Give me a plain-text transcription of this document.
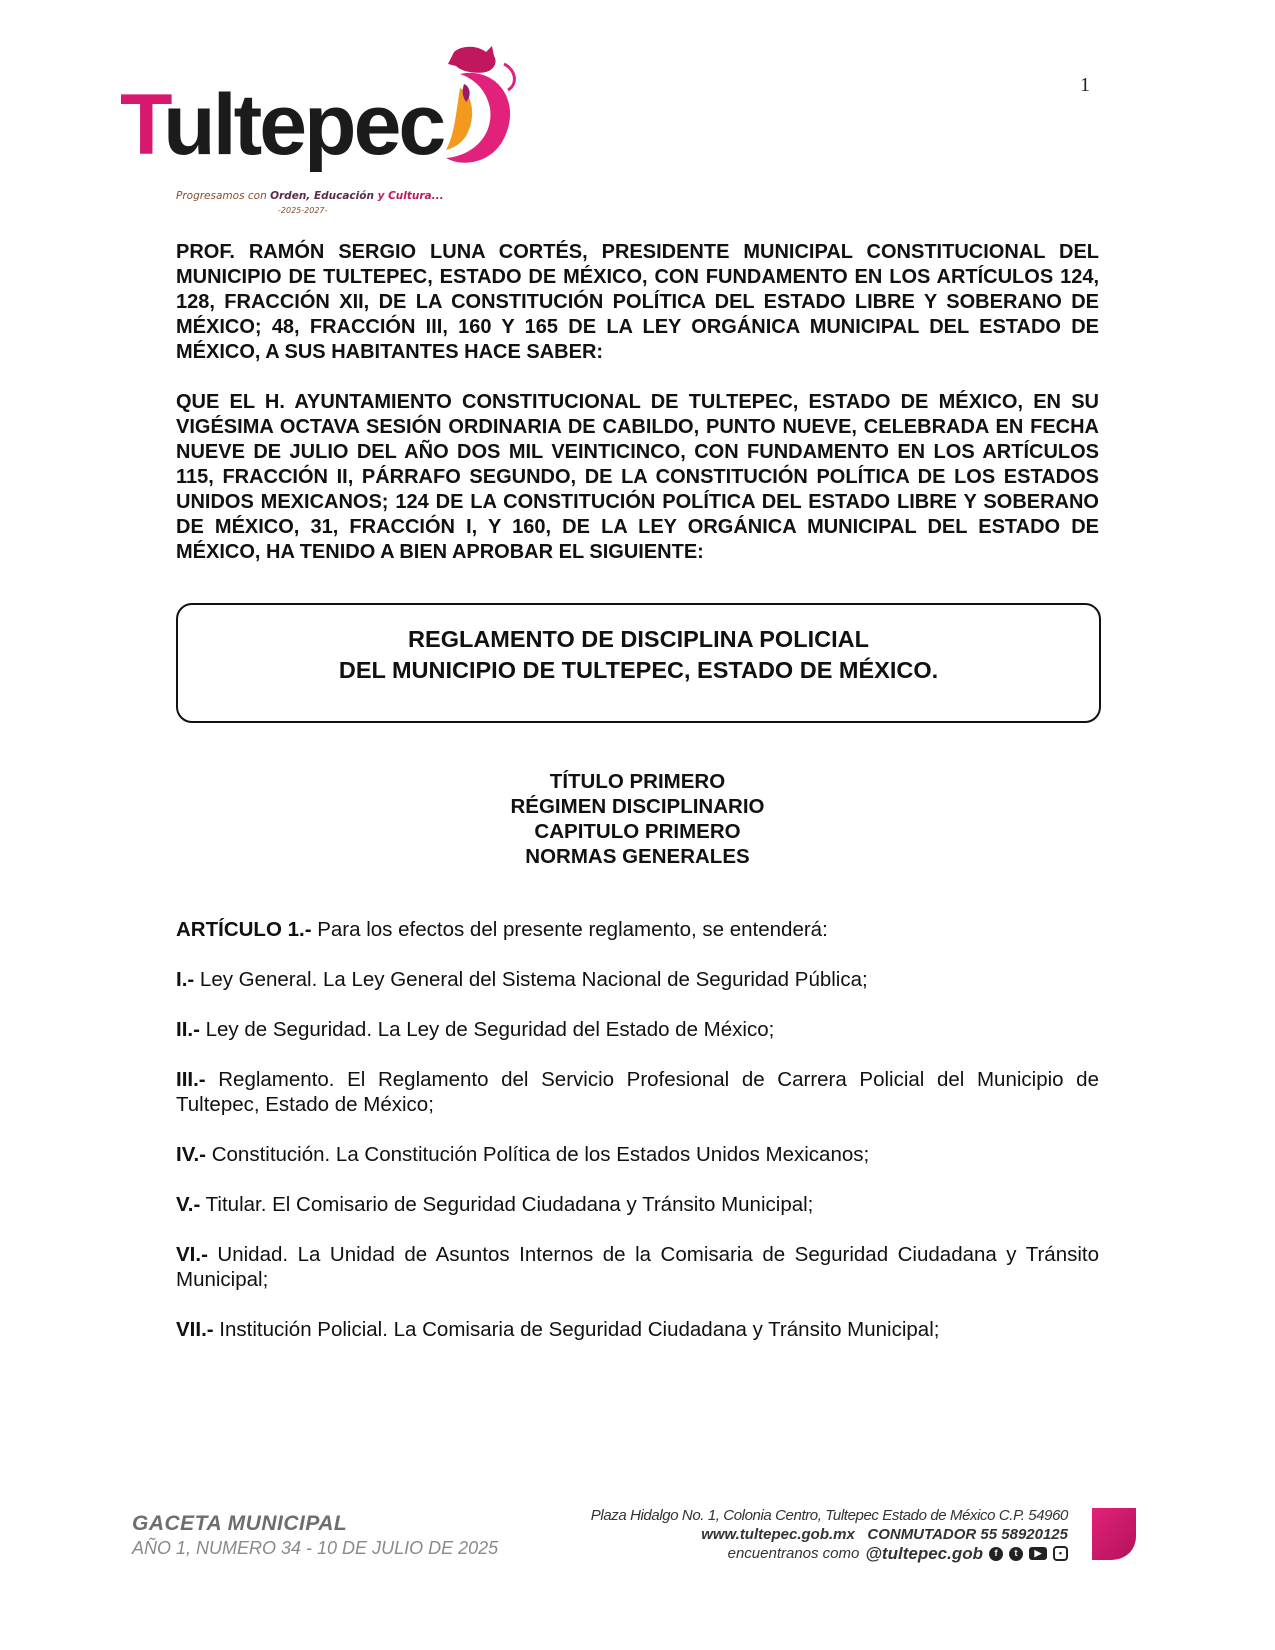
1
Tultepec
Progresamos con Orden, Educación y Cultura...
-2025-2027-

PROF. RAMÓN SERGIO LUNA CORTÉS, PRESIDENTE MUNICIPAL CONSTITUCIONAL DEL MUNICIPIO DE TULTEPEC, ESTADO DE MÉXICO, CON FUNDAMENTO EN LOS ARTÍCULOS 124, 128, FRACCIÓN XII, DE LA CONSTITUCIÓN POLÍTICA DEL ESTADO LIBRE Y SOBERANO DE MÉXICO; 48, FRACCIÓN III, 160 Y 165 DE LA LEY ORGÁNICA MUNICIPAL DEL ESTADO DE MÉXICO, A SUS HABITANTES HACE SABER:

QUE EL H. AYUNTAMIENTO CONSTITUCIONAL DE TULTEPEC, ESTADO DE MÉXICO, EN SU VIGÉSIMA OCTAVA SESIÓN ORDINARIA DE CABILDO, PUNTO NUEVE, CELEBRADA EN FECHA NUEVE DE JULIO DEL AÑO DOS MIL VEINTICINCO, CON FUNDAMENTO EN LOS ARTÍCULOS 115, FRACCIÓN II, PÁRRAFO SEGUNDO, DE LA CONSTITUCIÓN POLÍTICA DE LOS ESTADOS UNIDOS MEXICANOS; 124 DE LA CONSTITUCIÓN POLÍTICA DEL ESTADO LIBRE Y SOBERANO DE MÉXICO, 31, FRACCIÓN I, Y 160, DE LA LEY ORGÁNICA MUNICIPAL DEL ESTADO DE MÉXICO, HA TENIDO A BIEN APROBAR EL SIGUIENTE:

REGLAMENTO DE DISCIPLINA POLICIAL
DEL MUNICIPIO DE TULTEPEC, ESTADO DE MÉXICO.
TÍTULO PRIMERO
RÉGIMEN DISCIPLINARIO
CAPITULO PRIMERO
NORMAS GENERALES

ARTÍCULO 1.- Para los efectos del presente reglamento, se entenderá:

I.- Ley General. La Ley General del Sistema Nacional de Seguridad Pública;

II.- Ley de Seguridad. La Ley de Seguridad del Estado de México;

III.- Reglamento. El Reglamento del Servicio Profesional de Carrera Policial del Municipio de Tultepec, Estado de México;

IV.- Constitución. La Constitución Política de los Estados Unidos Mexicanos;

V.- Titular. El Comisario de Seguridad Ciudadana y Tránsito Municipal;

VI.- Unidad. La Unidad de Asuntos Internos de la Comisaria de Seguridad Ciudadana y Tránsito Municipal;

VII.- Institución Policial. La Comisaria de Seguridad Ciudadana y Tránsito Municipal;

GACETA MUNICIPAL
AÑO 1, NUMERO 34 - 10 DE JULIO DE 2025
Plaza Hidalgo No. 1, Colonia Centro, Tultepec Estado de México C.P. 54960
www.tultepec.gob.mx CONMUTADOR 55 58920125
encuentranos como @tultepec.gob	f	t	▶	•
